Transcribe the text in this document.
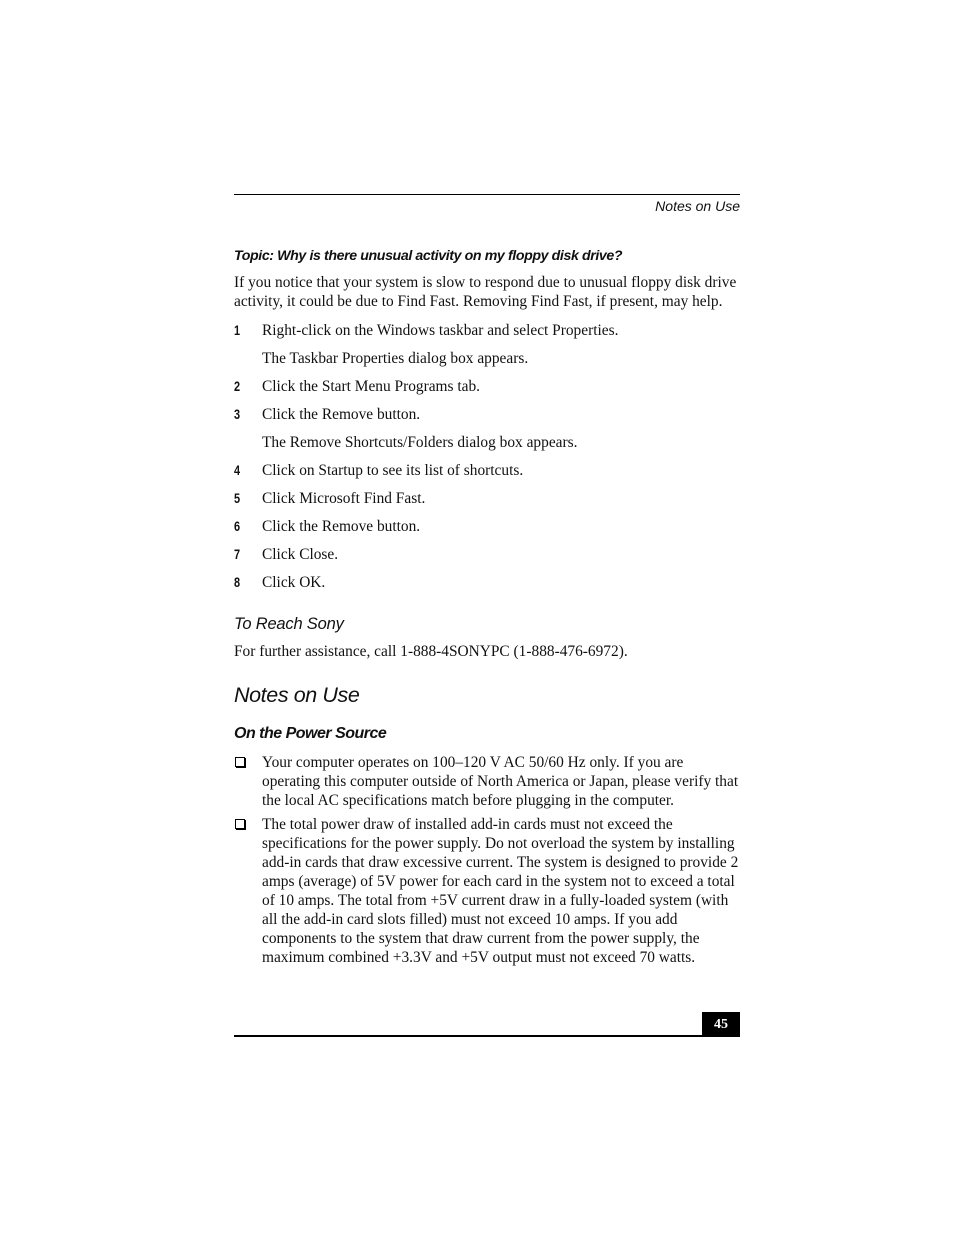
Notes on Use
Topic: Why is there unusual activity on my floppy disk drive?

If you notice that your system is slow to respond due to unusual floppy disk drive activity, it could be due to Find Fast. Removing Find Fast, if present, may help.

1 Right-click on the Windows taskbar and select Properties.
The Taskbar Properties dialog box appears.
2 Click the Start Menu Programs tab.
3 Click the Remove button.
The Remove Shortcuts/Folders dialog box appears.
4 Click on Startup to see its list of shortcuts.
5 Click Microsoft Find Fast.
6 Click the Remove button.
7 Click Close.
8 Click OK.
To Reach Sony

For further assistance, call 1-888-4SONYPC (1-888-476-6972).

Notes on Use
On the Power Source
Your computer operates on 100–120 V AC 50/60 Hz only. If you are operating this computer outside of North America or Japan, please verify that the local AC specifications match before plugging in the computer.
The total power draw of installed add-in cards must not exceed the specifications for the power supply. Do not overload the system by installing add-in cards that draw excessive current. The system is designed to provide 2 amps (average) of 5V power for each card in the system not to exceed a total of 10 amps. The total from +5V current draw in a fully-loaded system (with all the add-in card slots filled) must not exceed 10 amps. If you add components to the system that draw current from the power supply, the maximum combined +3.3V and +5V output must not exceed 70 watts.
45
